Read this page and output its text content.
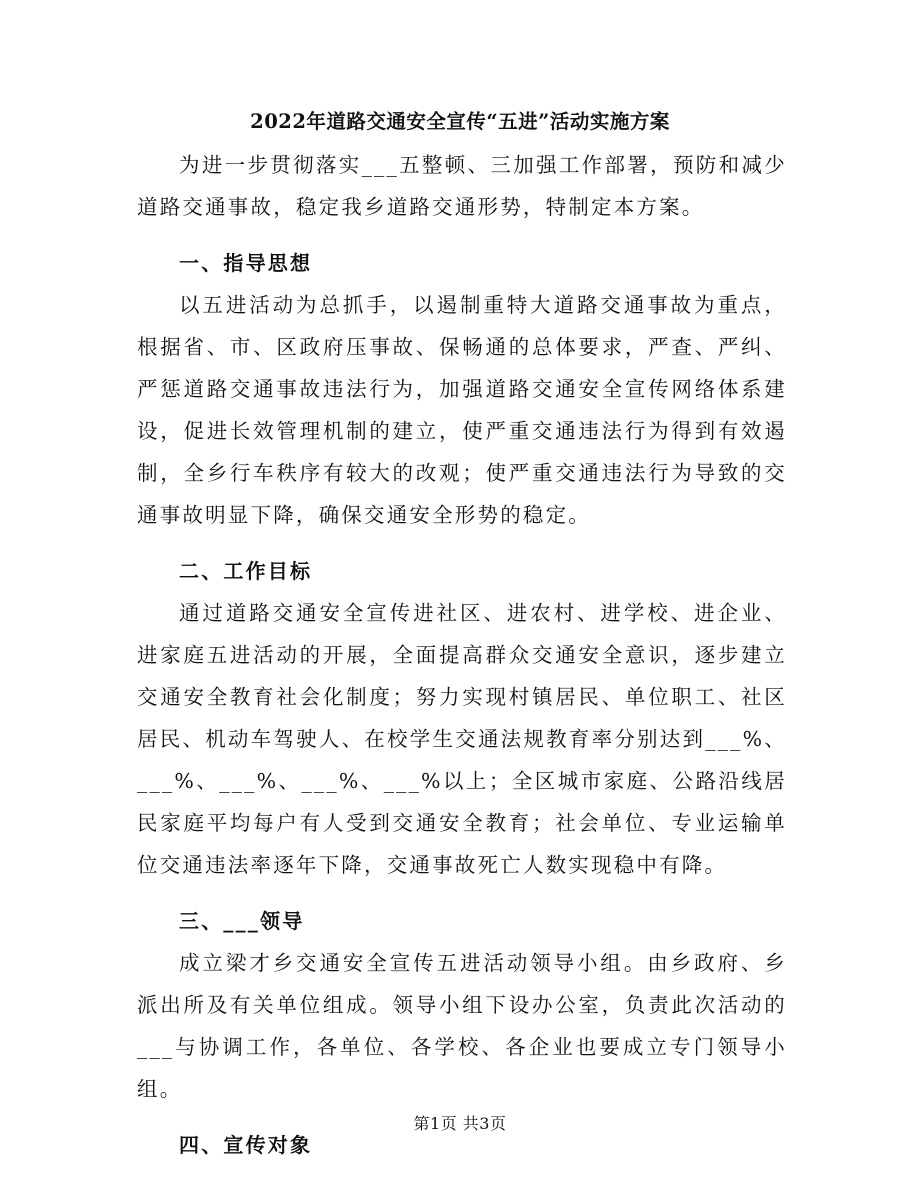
2022年道路交通安全宣传“五进”活动实施方案

为进一步贯彻落实___五整顿、三加强工作部署，预防和减少道路交通事故，稳定我乡道路交通形势，特制定本方案。

一、指导思想

以五进活动为总抓手，以遏制重特大道路交通事故为重点，根据省、市、区政府压事故、保畅通的总体要求，严查、严纠、严惩道路交通事故违法行为，加强道路交通安全宣传网络体系建设，促进长效管理机制的建立，使严重交通违法行为得到有效遏制，全乡行车秩序有较大的改观；使严重交通违法行为导致的交通事故明显下降，确保交通安全形势的稳定。

二、工作目标

通过道路交通安全宣传进社区、进农村、进学校、进企业、进家庭五进活动的开展，全面提高群众交通安全意识，逐步建立交通安全教育社会化制度；努力实现村镇居民、单位职工、社区居民、机动车驾驶人、在校学生交通法规教育率分别达到___%、___%、___%、___%、___%以上；全区城市家庭、公路沿线居民家庭平均每户有人受到交通安全教育；社会单位、专业运输单位交通违法率逐年下降，交通事故死亡人数实现稳中有降。

三、___领导

成立梁才乡交通安全宣传五进活动领导小组。由乡政府、乡派出所及有关单位组成。领导小组下设办公室，负责此次活动的___与协调工作，各单位、各学校、各企业也要成立专门领导小组。

四、宣传对象
第1页 共3页
